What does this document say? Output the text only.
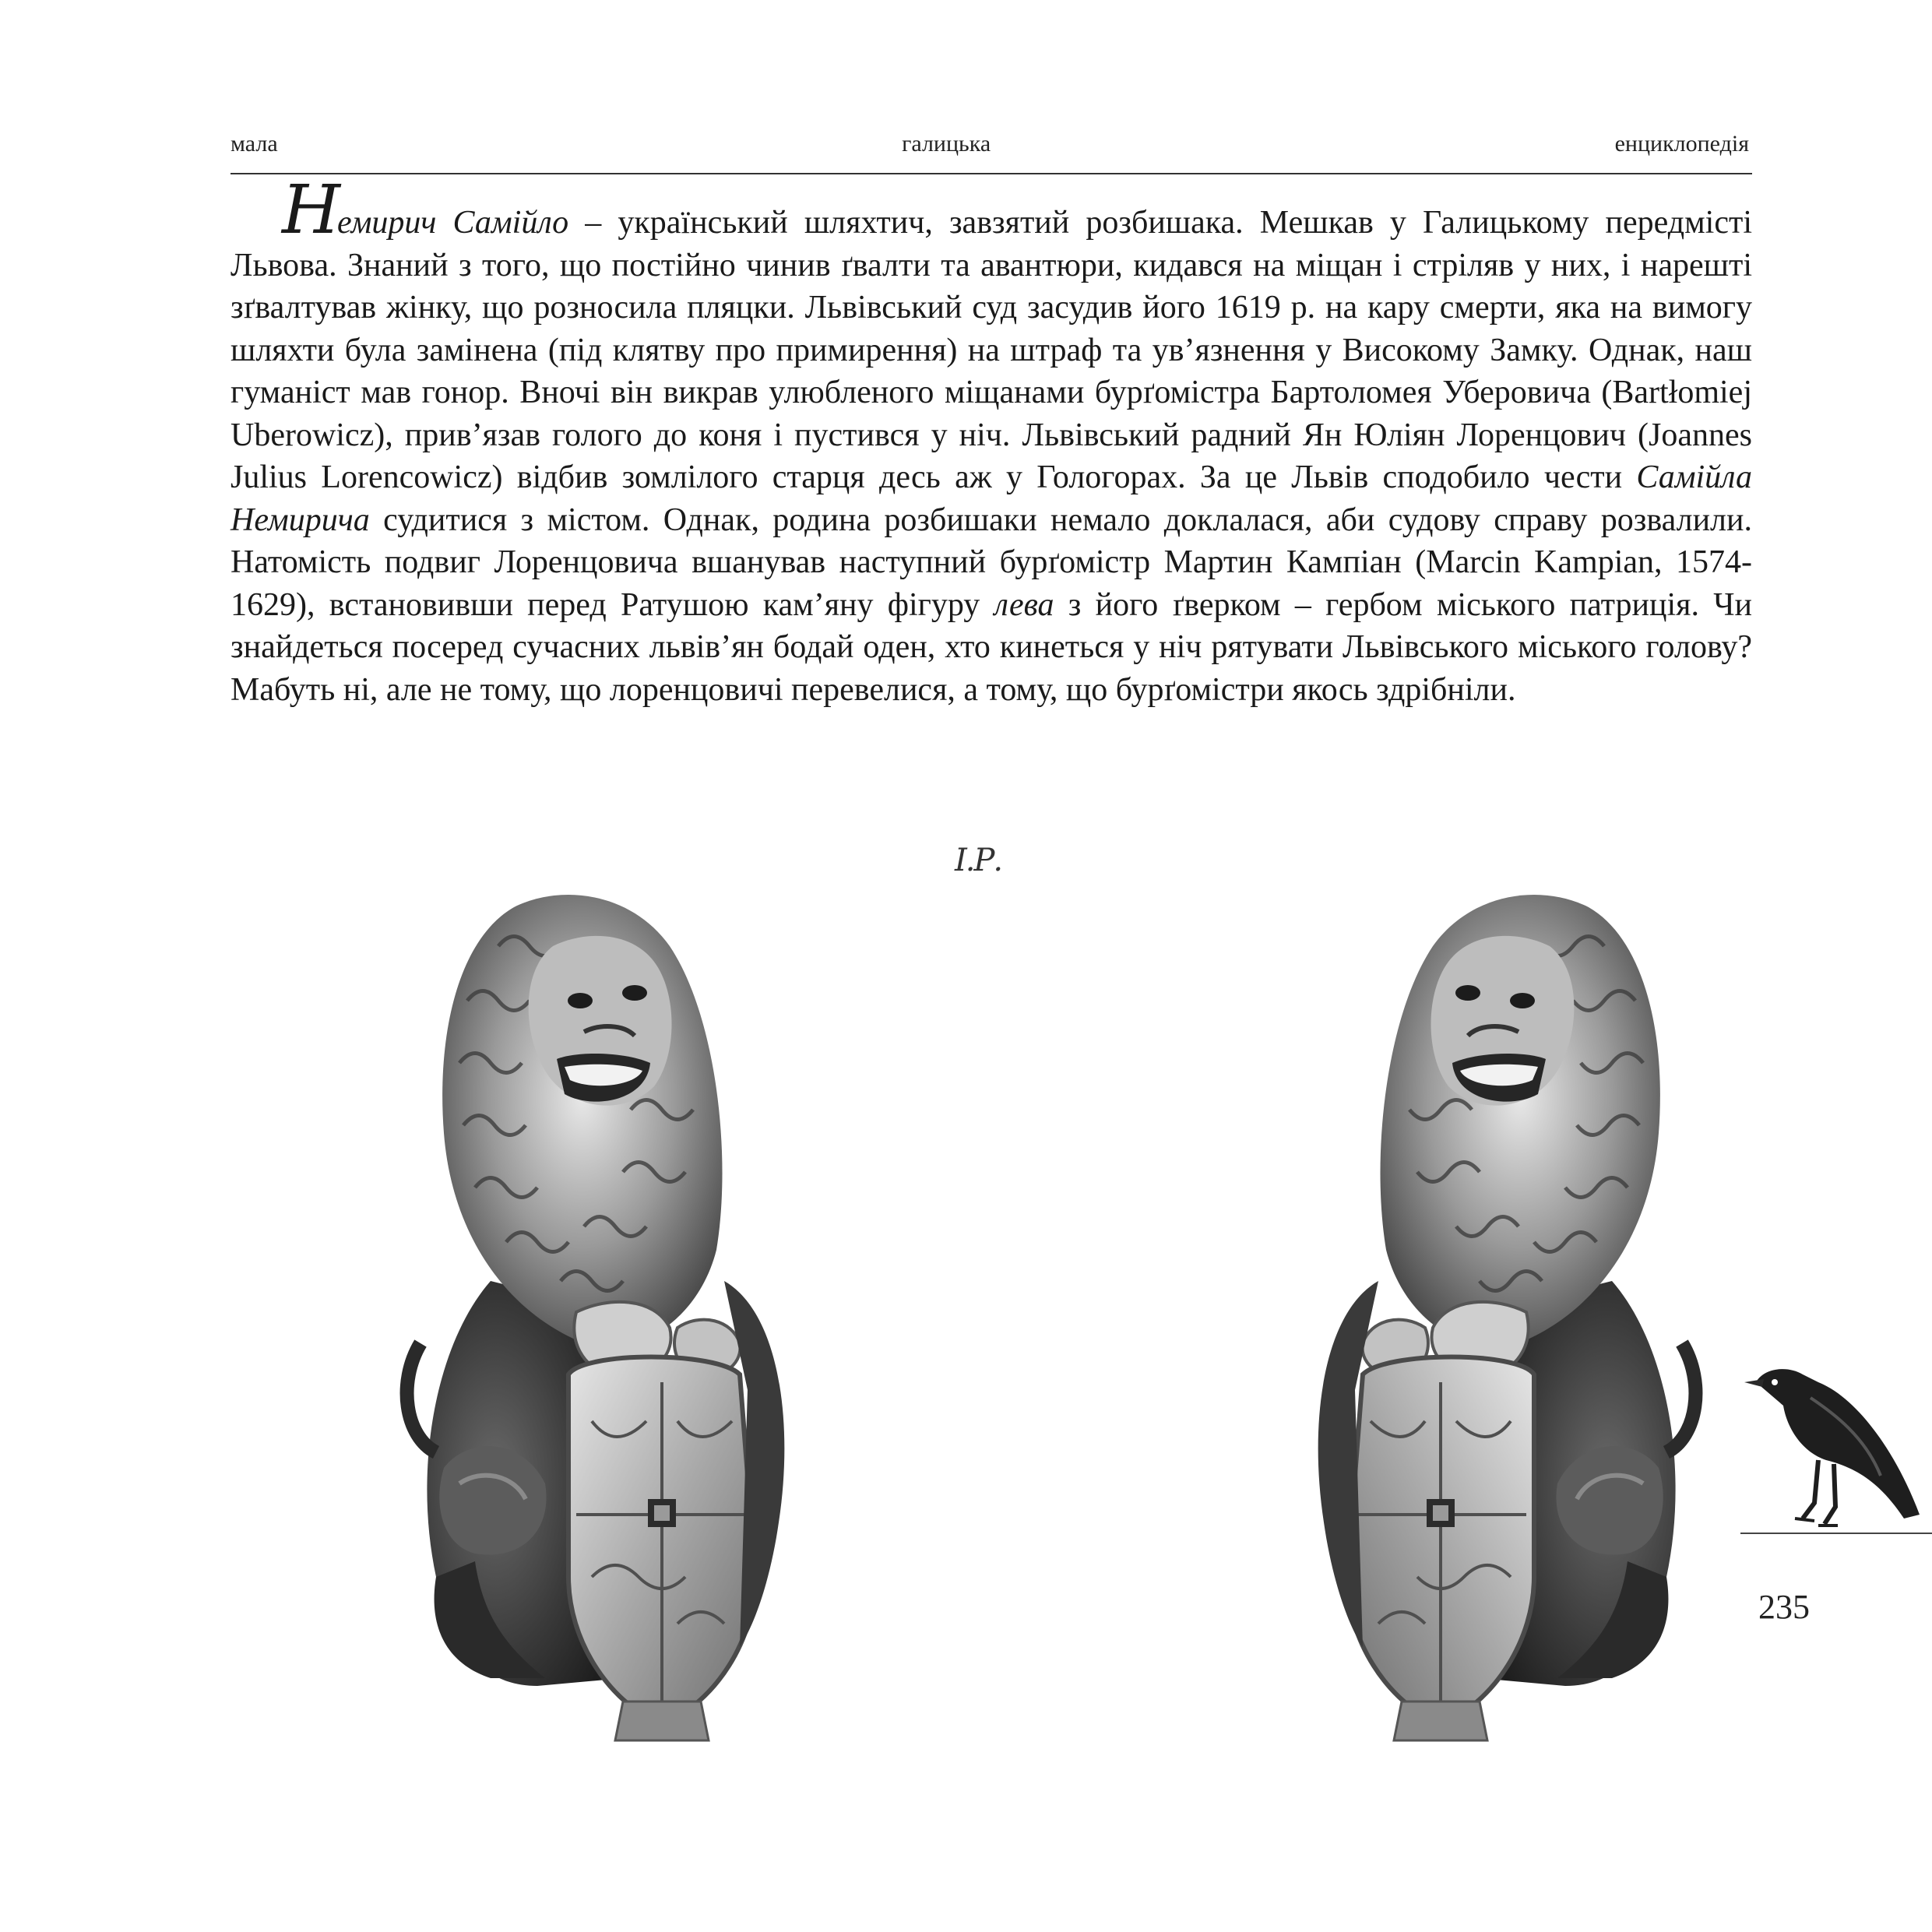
мала	галицька	енциклопедія

Немирич Самійло – український шляхтич, завзятий розбишака. Мешкав у Галицькому передмісті Львова. Знаний з того, що постійно чинив ґвалти та авантюри, кидався на міщан і стріляв у них, і нарешті зґвалтував жінку, що розносила пляцки. Львівський суд засудив його 1619 р. на кару смерти, яка на вимогу шляхти була замінена (під клятву про примирення) на штраф та ув’язнення у Високому Замку. Однак, наш гуманіст мав гонор. Вночі він викрав улюбленого міщанами бурґомістра Бартоломея Уберовича (Bartłomiej Uberowicz), прив’язав голого до коня і пустився у ніч. Львівський радний Ян Юліян Лоренцович (Joannes Julius Lorencowicz) відбив зомлілого старця десь аж у Гологорах. За це Львів сподобило чести Самійла Немирича судитися з містом. Однак, родина розбишаки немало доклалася, аби судову справу розвалили. Натомість подвиг Лоренцовича вшанував наступний бурґомістр Мартин Кампіан (Marcin Kampian, 1574-1629), встановивши перед Ратушою кам’яну фігуру лева з його ґверком – гербом міського патриція. Чи знайдеться посеред сучасних львів’ян бодай оден, хто кинеться у ніч рятувати Львівського міського голову? Мабуть ні, але не тому, що лоренцовичі перевелися, а тому, що бурґомістри якось здрібніли.

І.Р.
235
